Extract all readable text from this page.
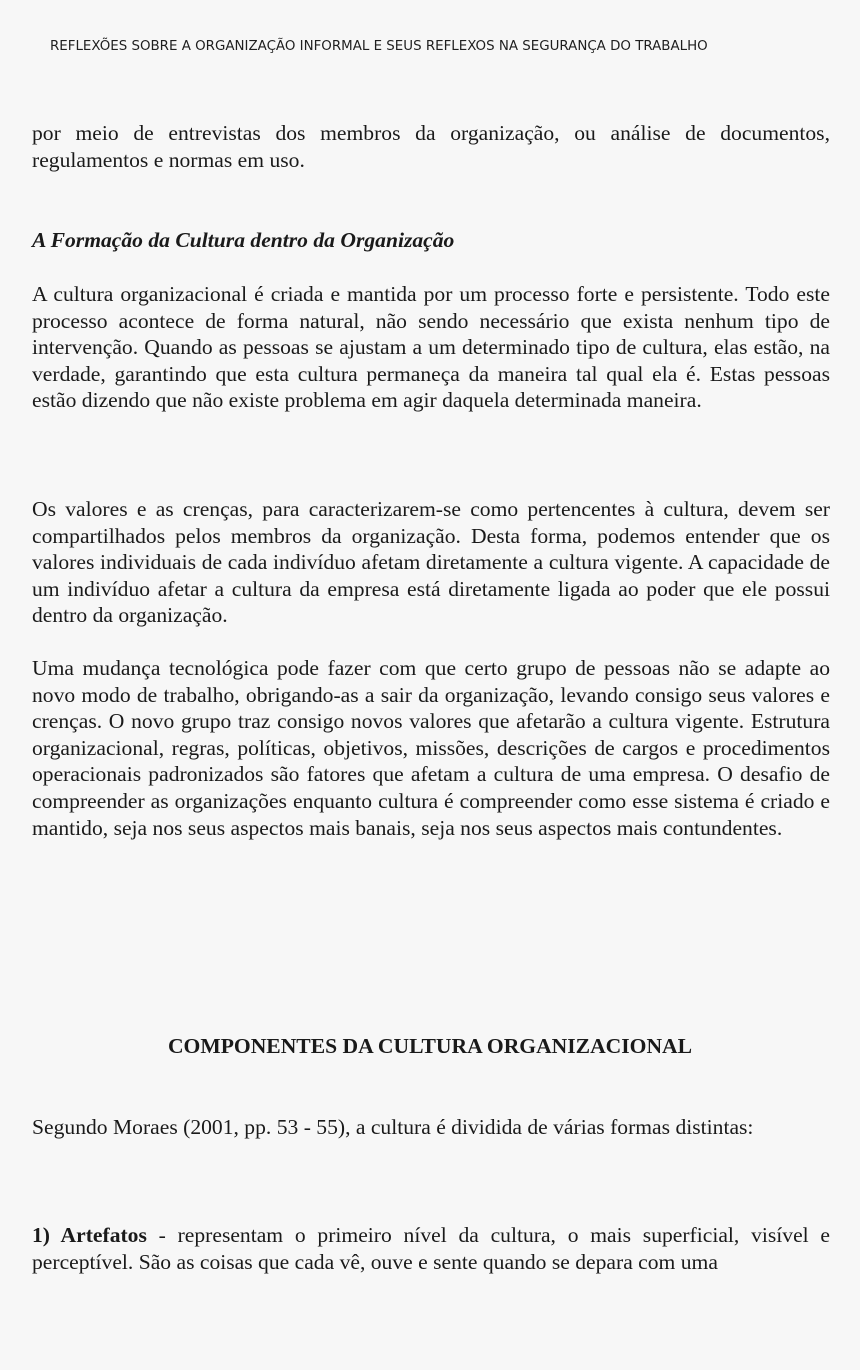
REFLEXÕES SOBRE A ORGANIZAÇÃO INFORMAL E SEUS REFLEXOS NA SEGURANÇA DO TRABALHO

por meio de entrevistas dos membros da organização, ou análise de documentos, regulamentos e normas em uso.

A Formação da Cultura dentro da Organização

A cultura organizacional é criada e mantida por um processo forte e persistente. Todo este processo acontece de forma natural, não sendo necessário que exista nenhum tipo de intervenção. Quando as pessoas se ajustam a um determinado tipo de cultura, elas estão, na verdade, garantindo que esta cultura permaneça da maneira tal qual ela é. Estas pessoas estão dizendo que não existe problema em agir daquela determinada maneira.

Os valores e as crenças, para caracterizarem-se como pertencentes à cultura, devem ser compartilhados pelos membros da organização. Desta forma, podemos entender que os valores individuais de cada indivíduo afetam diretamente a cultura vigente. A capacidade de um indivíduo afetar a cultura da empresa está diretamente ligada ao poder que ele possui dentro da organização.

Uma mudança tecnológica pode fazer com que certo grupo de pessoas não se adapte ao novo modo de trabalho, obrigando-as a sair da organização, levando consigo seus valores e crenças. O novo grupo traz consigo novos valores que afetarão a cultura vigente. Estrutura organizacional, regras, políticas, objetivos, missões, descrições de cargos e procedimentos operacionais padronizados são fatores que afetam a cultura de uma empresa. O desafio de compreender as organizações enquanto cultura é compreender como esse sistema é criado e mantido, seja nos seus aspectos mais banais, seja nos seus aspectos mais contundentes.

COMPONENTES DA CULTURA ORGANIZACIONAL

Segundo Moraes (2001, pp. 53 - 55), a cultura é dividida de várias formas distintas:

1) Artefatos - representam o primeiro nível da cultura, o mais superficial, visível e perceptível. São as coisas que cada vê, ouve e sente quando se depara com uma
